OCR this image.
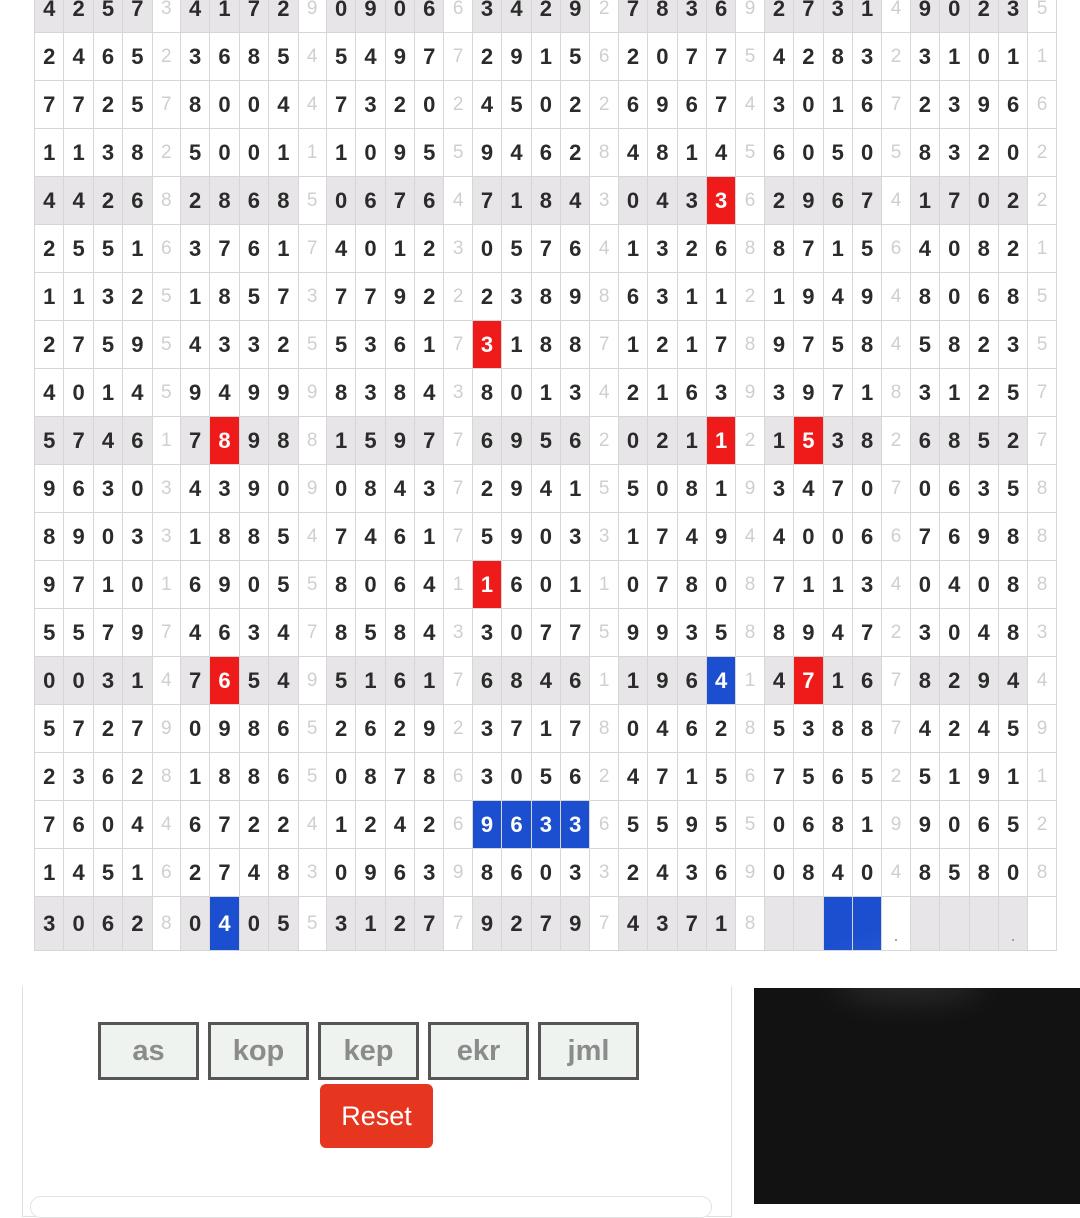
4	2	5	7	3	4	1	7	2	9	0	9	0	6	6	3	4	2	9	2	7	8	3	6	9	2	7	3	1	4	9	0	2	3	5
2	4	6	5	2	3	6	8	5	4	5	4	9	7	7	2	9	1	5	6	2	0	7	7	5	4	2	8	3	2	3	1	0	1	1
7	7	2	5	7	8	0	0	4	4	7	3	2	0	2	4	5	0	2	2	6	9	6	7	4	3	0	1	6	7	2	3	9	6	6
1	1	3	8	2	5	0	0	1	1	1	0	9	5	5	9	4	6	2	8	4	8	1	4	5	6	0	5	0	5	8	3	2	0	2
4	4	2	6	8	2	8	6	8	5	0	6	7	6	4	7	1	8	4	3	0	4	3	3	6	2	9	6	7	4	1	7	0	2	2
2	5	5	1	6	3	7	6	1	7	4	0	1	2	3	0	5	7	6	4	1	3	2	6	8	8	7	1	5	6	4	0	8	2	1
1	1	3	2	5	1	8	5	7	3	7	7	9	2	2	2	3	8	9	8	6	3	1	1	2	1	9	4	9	4	8	0	6	8	5
2	7	5	9	5	4	3	3	2	5	5	3	6	1	7	3	1	8	8	7	1	2	1	7	8	9	7	5	8	4	5	8	2	3	5
4	0	1	4	5	9	4	9	9	9	8	3	8	4	3	8	0	1	3	4	2	1	6	3	9	3	9	7	1	8	3	1	2	5	7
5	7	4	6	1	7	8	9	8	8	1	5	9	7	7	6	9	5	6	2	0	2	1	1	2	1	5	3	8	2	6	8	5	2	7
9	6	3	0	3	4	3	9	0	9	0	8	4	3	7	2	9	4	1	5	5	0	8	1	9	3	4	7	0	7	0	6	3	5	8
8	9	0	3	3	1	8	8	5	4	7	4	6	1	7	5	9	0	3	3	1	7	4	9	4	4	0	0	6	6	7	6	9	8	8
9	7	1	0	1	6	9	0	5	5	8	0	6	4	1	1	6	0	1	1	0	7	8	0	8	7	1	1	3	4	0	4	0	8	8
5	5	7	9	7	4	6	3	4	7	8	5	8	4	3	3	0	7	7	5	9	9	3	5	8	8	9	4	7	2	3	0	4	8	3
0	0	3	1	4	7	6	5	4	9	5	1	6	1	7	6	8	4	6	1	1	9	6	4	1	4	7	1	6	7	8	2	9	4	4
5	7	2	7	9	0	9	8	6	5	2	6	2	9	2	3	7	1	7	8	0	4	6	2	8	5	3	8	8	7	4	2	4	5	9
2	3	6	2	8	1	8	8	6	5	0	8	7	8	6	3	0	5	6	2	4	7	1	5	6	7	5	6	5	2	5	1	9	1	1
7	6	0	4	4	6	7	2	2	4	1	2	4	2	6	9	6	3	3	6	5	5	9	5	5	0	6	8	1	9	9	0	6	5	2
1	4	5	1	6	2	7	4	8	3	0	9	6	3	9	8	6	0	3	3	2	4	3	6	9	0	8	4	0	4	8	5	8	0	8
3	0	6	2	8	0	4	0	5	5	3	1	2	7	7	9	2	7	9	7	4	3	7	1	8					.				.	
as	kop	kep	ekr	jml
Reset
